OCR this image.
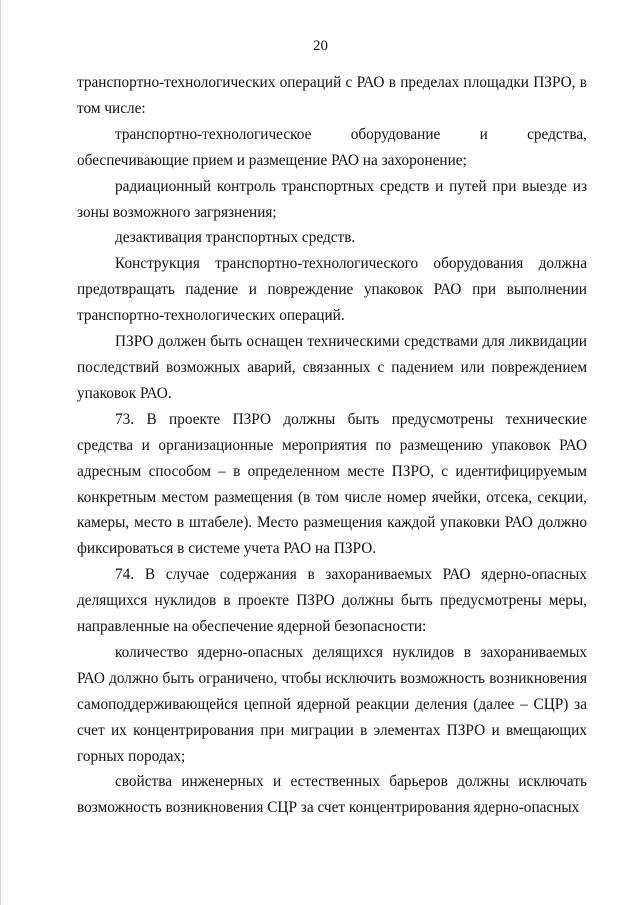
20

транспортно-технологических операций с РАО в пределах площадки ПЗРО, в том числе:

транспортно-технологическое оборудование и средства, обеспечивающие прием и размещение РАО на захоронение;

радиационный контроль транспортных средств и путей при выезде из зоны возможного загрязнения;

дезактивация транспортных средств.

Конструкция транспортно-технологического оборудования должна предотвращать падение и повреждение упаковок РАО при выполнении транспортно-технологических операций.

ПЗРО должен быть оснащен техническими средствами для ликвидации последствий возможных аварий, связанных с падением или повреждением упаковок РАО.

73. В проекте ПЗРО должны быть предусмотрены технические средства и организационные мероприятия по размещению упаковок РАО адресным способом – в определенном месте ПЗРО, с идентифицируемым конкретным местом размещения (в том числе номер ячейки, отсека, секции, камеры, место в штабеле). Место размещения каждой упаковки РАО должно фиксироваться в системе учета РАО на ПЗРО.

74. В случае содержания в захораниваемых РАО ядерно-опасных делящихся нуклидов в проекте ПЗРО должны быть предусмотрены меры, направленные на обеспечение ядерной безопасности:

количество ядерно-опасных делящихся нуклидов в захораниваемых РАО должно быть ограничено, чтобы исключить возможность возникновения самоподдерживающейся цепной ядерной реакции деления (далее – СЦР) за счет их концентрирования при миграции в элементах ПЗРО и вмещающих горных породах;

свойства инженерных и естественных барьеров должны исключать возможность возникновения СЦР за счет концентрирования ядерно-опасных
